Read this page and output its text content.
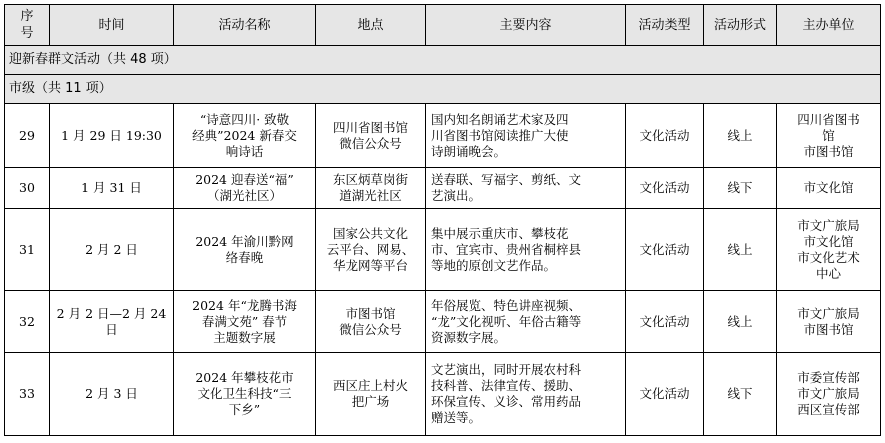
序号	时间	活动名称	地点	主要内容	活动类型	活动形式	主办单位
迎新春群文活动（共 48 项）							
市级（共 11 项）							
29	1 月 29 日 19:30	“诗意四川· 致敬
经典”2024 新春交
响诗话	四川省图书馆
微信公众号	国内知名朗诵艺术家及四
川省图书馆阅读推广大使
诗朗诵晚会。	文化活动	线上	四川省图书
馆
市图书馆

30	1 月 31 日	2024 迎春送“福”
（湖光社区）	东区炳草岗街
道湖光社区	送春联、写福字、剪纸、文
艺演出。	文化活动	线下	市文化馆

31	2 月 2 日	2024 年渝川黔网
络春晚	国家公共文化
云平台、网易、
华龙网等平台	集中展示重庆市、攀枝花
市、宜宾市、贵州省桐梓县
等地的原创文艺作品。	文化活动	线上	市文广旅局
市文化馆
市文化艺术
中心

32	2 月 2 日—2 月 24 日	2024 年“龙腾书海
春满文苑” 春节
主题数字展	市图书馆
微信公众号	年俗展览、特色讲座视频、
“龙”文化视听、年俗古籍等
资源数字展。	文化活动	线上	市文广旅局
市图书馆

33	2 月 3 日	2024 年攀枝花市
文化卫生科技“三
下乡”	西区庄上村火
把广场	文艺演出，同时开展农村科
技科普、法律宣传、援助、
环保宣传、义诊、常用药品
赠送等。	文化活动	线下	市委宣传部
市文广旅局
西区宣传部
